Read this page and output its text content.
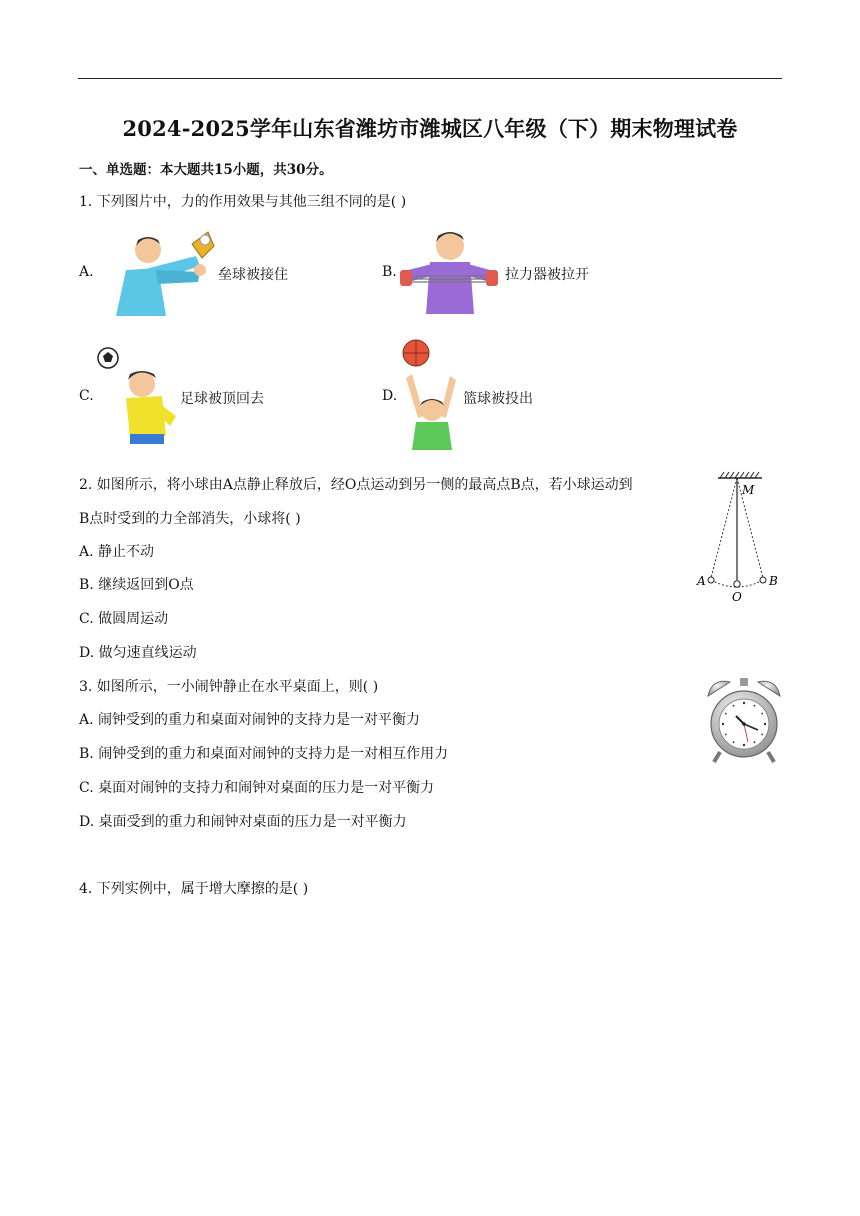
2024-2025学年山东省潍坊市潍城区八年级（下）期末物理试卷
一、单选题：本大题共15小题，共30分。
1. 下列图片中，力的作用效果与其他三组不同的是( )
A.	垒球被接住	B.	拉力器被拉开
C.	足球被顶回去	D.	篮球被投出
2. 如图所示，将小球由A点静止释放后，经O点运动到另一侧的最高点B点，若小球运动到
B点时受到的力全部消失，小球将( )
A. 静止不动
B. 继续返回到O点
C. 做圆周运动
D. 做匀速直线运动
M
A
O
B
3. 如图所示，一小闹钟静止在水平桌面上，则( )
A. 闹钟受到的重力和桌面对闹钟的支持力是一对平衡力
B. 闹钟受到的重力和桌面对闹钟的支持力是一对相互作用力
C. 桌面对闹钟的支持力和闹钟对桌面的压力是一对平衡力
D. 桌面受到的重力和闹钟对桌面的压力是一对平衡力
4. 下列实例中，属于增大摩擦的是( )
